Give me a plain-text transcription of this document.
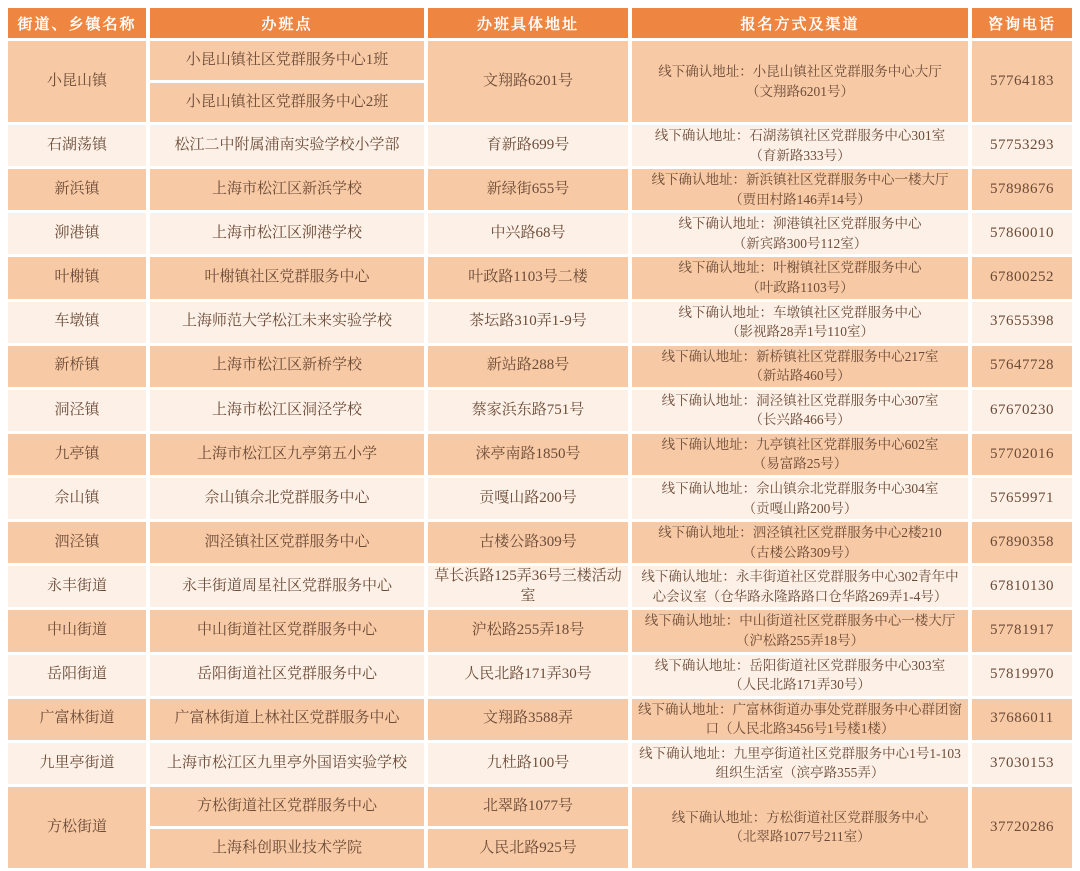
街道、乡镇名称	办班点	办班具体地址	报名方式及渠道	咨询电话
小昆山镇	小昆山镇社区党群服务中心1班	文翔路6201号	线下确认地址：小昆山镇社区党群服务中心大厅
（文翔路6201号）	57764183
	小昆山镇社区党群服务中心2班			
石湖荡镇	松江二中附属浦南实验学校小学部	育新路699号	线下确认地址：石湖荡镇社区党群服务中心301室
（育新路333号）	57753293
新浜镇	上海市松江区新浜学校	新绿街655号	线下确认地址：新浜镇社区党群服务中心一楼大厅
（贾田村路146弄14号）	57898676
泖港镇	上海市松江区泖港学校	中兴路68号	线下确认地址：泖港镇社区党群服务中心
（新宾路300号112室）	57860010
叶榭镇	叶榭镇社区党群服务中心	叶政路1103号二楼	线下确认地址：叶榭镇社区党群服务中心
（叶政路1103号）	67800252
车墩镇	上海师范大学松江未来实验学校	茶坛路310弄1-9号	线下确认地址：车墩镇社区党群服务中心
（影视路28弄1号110室）	37655398
新桥镇	上海市松江区新桥学校	新站路288号	线下确认地址：新桥镇社区党群服务中心217室
（新站路460号）	57647728
洞泾镇	上海市松江区洞泾学校	蔡家浜东路751号	线下确认地址：洞泾镇社区党群服务中心307室
（长兴路466号）	67670230
九亭镇	上海市松江区九亭第五小学	涞亭南路1850号	线下确认地址：九亭镇社区党群服务中心602室
（易富路25号）	57702016
佘山镇	佘山镇佘北党群服务中心	贡嘎山路200号	线下确认地址：佘山镇佘北党群服务中心304室
（贡嘎山路200号）	57659971
泗泾镇	泗泾镇社区党群服务中心	古楼公路309号	线下确认地址：泗泾镇社区党群服务中心2楼210
（古楼公路309号）	67890358
永丰街道	永丰街道周星社区党群服务中心	草长浜路125弄36号三楼活动室	线下确认地址：永丰街道社区党群服务中心302青年中
心会议室（仓华路永隆路路口仓华路269弄1-4号）	67810130
中山街道	中山街道社区党群服务中心	沪松路255弄18号	线下确认地址：中山街道社区党群服务中心一楼大厅
（沪松路255弄18号）	57781917
岳阳街道	岳阳街道社区党群服务中心	人民北路171弄30号	线下确认地址：岳阳街道社区党群服务中心303室
（人民北路171弄30号）	57819970
广富林街道	广富林街道上林社区党群服务中心	文翔路3588弄	线下确认地址：广富林街道办事处党群服务中心群团窗
口（人民北路3456号1号楼1楼）	37686011
九里亭街道	上海市松江区九里亭外国语实验学校	九杜路100号	线下确认地址：九里亭街道社区党群服务中心1号1-103
组织生活室（滨亭路355弄）	37030153
方松街道	方松街道社区党群服务中心	北翠路1077号	线下确认地址：方松街道社区党群服务中心
（北翠路1077号211室）	37720286
	上海科创职业技术学院	人民北路925号		
